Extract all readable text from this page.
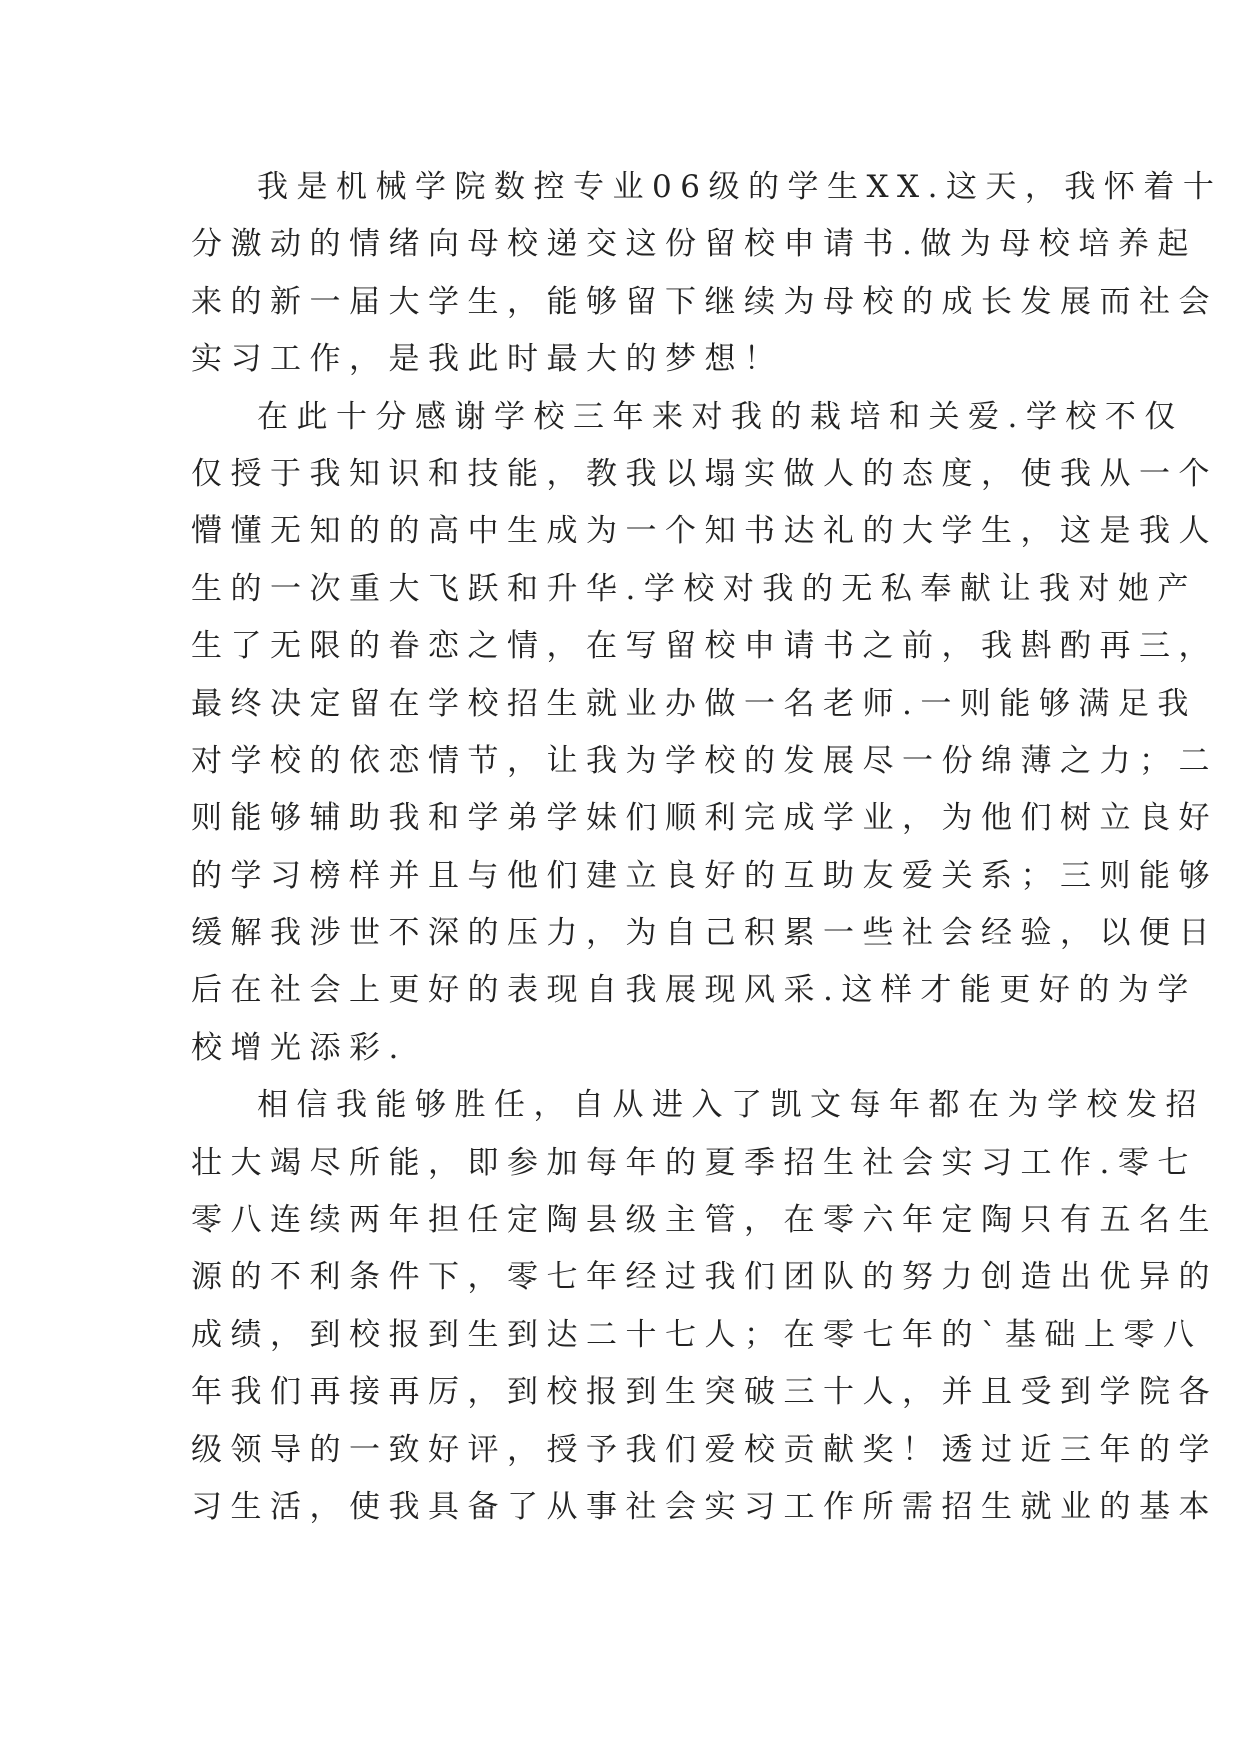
我是机械学院数控专业06级的学生XX.这天，我怀着十
分激动的情绪向母校递交这份留校申请书.做为母校培养起
来的新一届大学生，能够留下继续为母校的成长发展而社会
实习工作，是我此时最大的梦想！
在此十分感谢学校三年来对我的栽培和关爱.学校不仅
仅授于我知识和技能，教我以塌实做人的态度，使我从一个
懵懂无知的的高中生成为一个知书达礼的大学生，这是我人
生的一次重大飞跃和升华.学校对我的无私奉献让我对她产
生了无限的眷恋之情，在写留校申请书之前，我斟酌再三，
最终决定留在学校招生就业办做一名老师.一则能够满足我
对学校的依恋情节，让我为学校的发展尽一份绵薄之力；二
则能够辅助我和学弟学妹们顺利完成学业，为他们树立良好
的学习榜样并且与他们建立良好的互助友爱关系；三则能够
缓解我涉世不深的压力，为自己积累一些社会经验，以便日
后在社会上更好的表现自我展现风采.这样才能更好的为学
校增光添彩.
相信我能够胜任，自从进入了凯文每年都在为学校发招
壮大竭尽所能，即参加每年的夏季招生社会实习工作.零七
零八连续两年担任定陶县级主管，在零六年定陶只有五名生
源的不利条件下，零七年经过我们团队的努力创造出优异的
成绩，到校报到生到达二十七人；在零七年的`基础上零八
年我们再接再厉，到校报到生突破三十人，并且受到学院各
级领导的一致好评，授予我们爱校贡献奖！透过近三年的学
习生活，使我具备了从事社会实习工作所需招生就业的基本
